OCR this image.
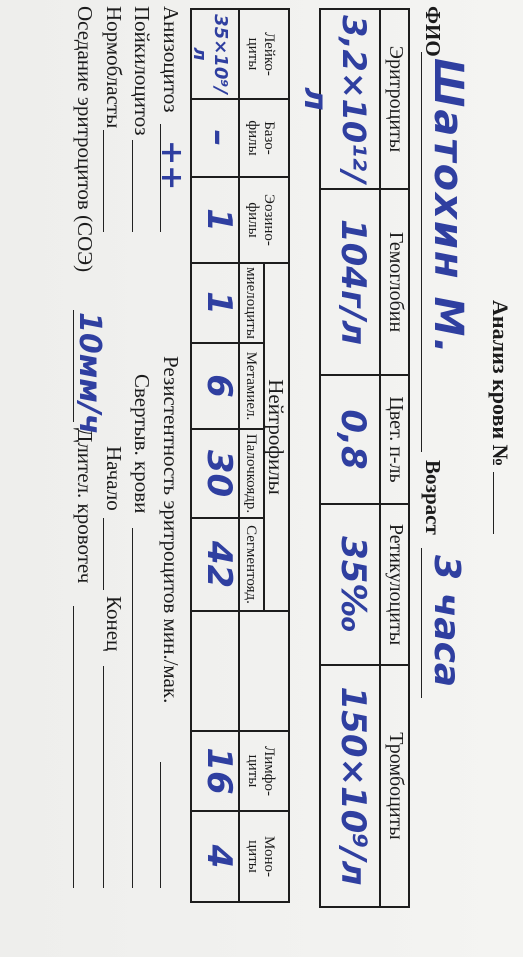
Анализ крови №
ФИО
Шатохин М.
Возраст
3 часа
Эритроциты
Гемоглобин
Цвет. п-ль
Ретикулоциты
Тромбоциты
3,2×10¹²/л
104г/л
0,8
35‰
150×10⁹/л
Нейтрофилы
Лейко-
циты
Базо-
филы
Эозино-
филы
миелоциты
Метамиел.
Палочкоядр.
Сегментояд.
Лимфо-
циты
Моно-
циты
35×10⁹/л
–
1
1
6
30
42
16
4
Анизоцитоз
++
Пойкилоцитоз
Нормобласты
Оседание эритроцитов (СОЭ)
10мм/ч Резистентность эритроцитов мин./мак.
Свертыв. крови
Начало
Конец
Длител. кровотеч
